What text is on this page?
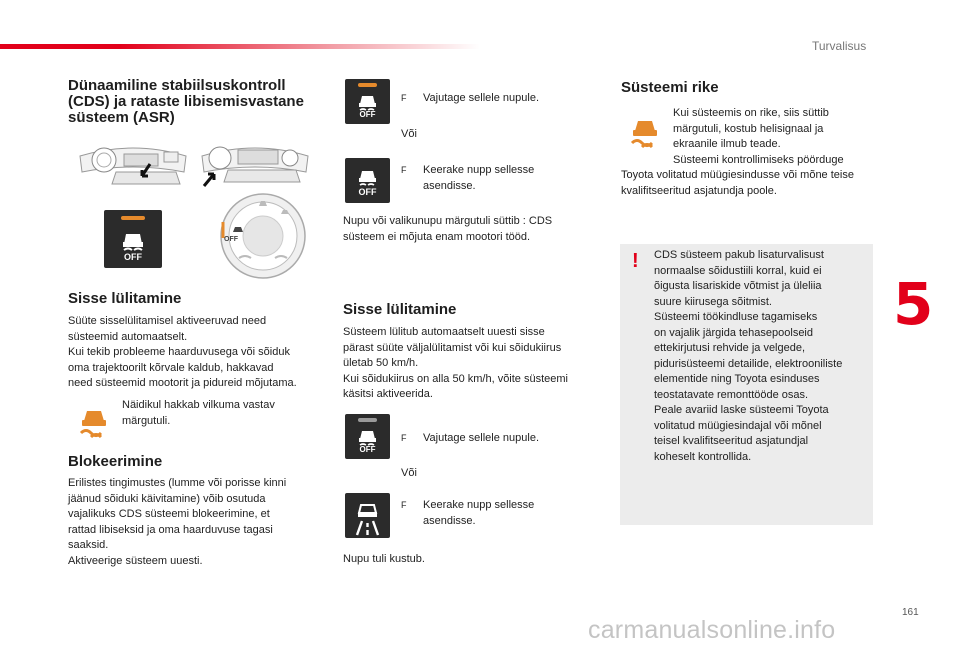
Turvalisus
5
161
carmanualsonline.info
Dünaamiline stabiilsuskontroll
(CDS) ja rataste libisemisvastane
süsteem (ASR)
OFF
OFF
Sisse lülitamine
Süüte sisselülitamisel aktiveeruvad need
süsteemid automaatselt.
Kui tekib probleeme haarduvusega või sõiduk
oma trajektoorilt kõrvale kaldub, hakkavad
need süsteemid mootorit ja pidureid mõjutama.
Näidikul hakkab vilkuma vastav
märgutuli.
Blokeerimine
Erilistes tingimustes (lumme või porisse kinni
jäänud sõiduki käivitamine) võib osutuda
vajalikuks CDS süsteemi blokeerimine, et
rattad libiseksid ja oma haarduvuse tagasi
saaksid.
Aktiveerige süsteem uuesti.
OFF
F Vajutage sellele nupule.
Või
OFF
F Keerake nupp sellesse
asendisse.
Nupu või valikunupu märgutuli süttib : CDS
süsteem ei mõjuta enam mootori tööd.
Sisse lülitamine
Süsteem lülitub automaatselt uuesti sisse
pärast süüte väljalülitamist või kui sõidukiirus
ületab 50 km/h.
Kui sõidukiirus on alla 50 km/h, võite süsteemi
käsitsi aktiveerida.
OFF
F Vajutage sellele nupule.
Või
F Keerake nupp sellesse
asendisse.
Nupu tuli kustub.
Süsteemi rike
Kui süsteemis on rike, siis süttib
märgutuli, kostub helisignaal ja
ekraanile ilmub teade.
Süsteemi kontrollimiseks pöörduge
Toyota volitatud müügiesindusse või mõne teise
kvalifitseeritud asjatundja poole.
! CDS süsteem pakub lisaturvalisust
normaalse sõidustiili korral, kuid ei
õigusta lisariskide võtmist ja üleliia
suure kiirusega sõitmist.
Süsteemi töökindluse tagamiseks
on vajalik järgida tehasepoolseid
ettekirjutusi rehvide ja velgede,
pidurisüsteemi detailide, elektrooniliste
elementide ning Toyota esinduses
teostatavate remonttööde osas.
Peale avariid laske süsteemi Toyota
volitatud müügiesindajal või mõnel
teisel kvalifitseeritud asjatundjal
koheselt kontrollida.
